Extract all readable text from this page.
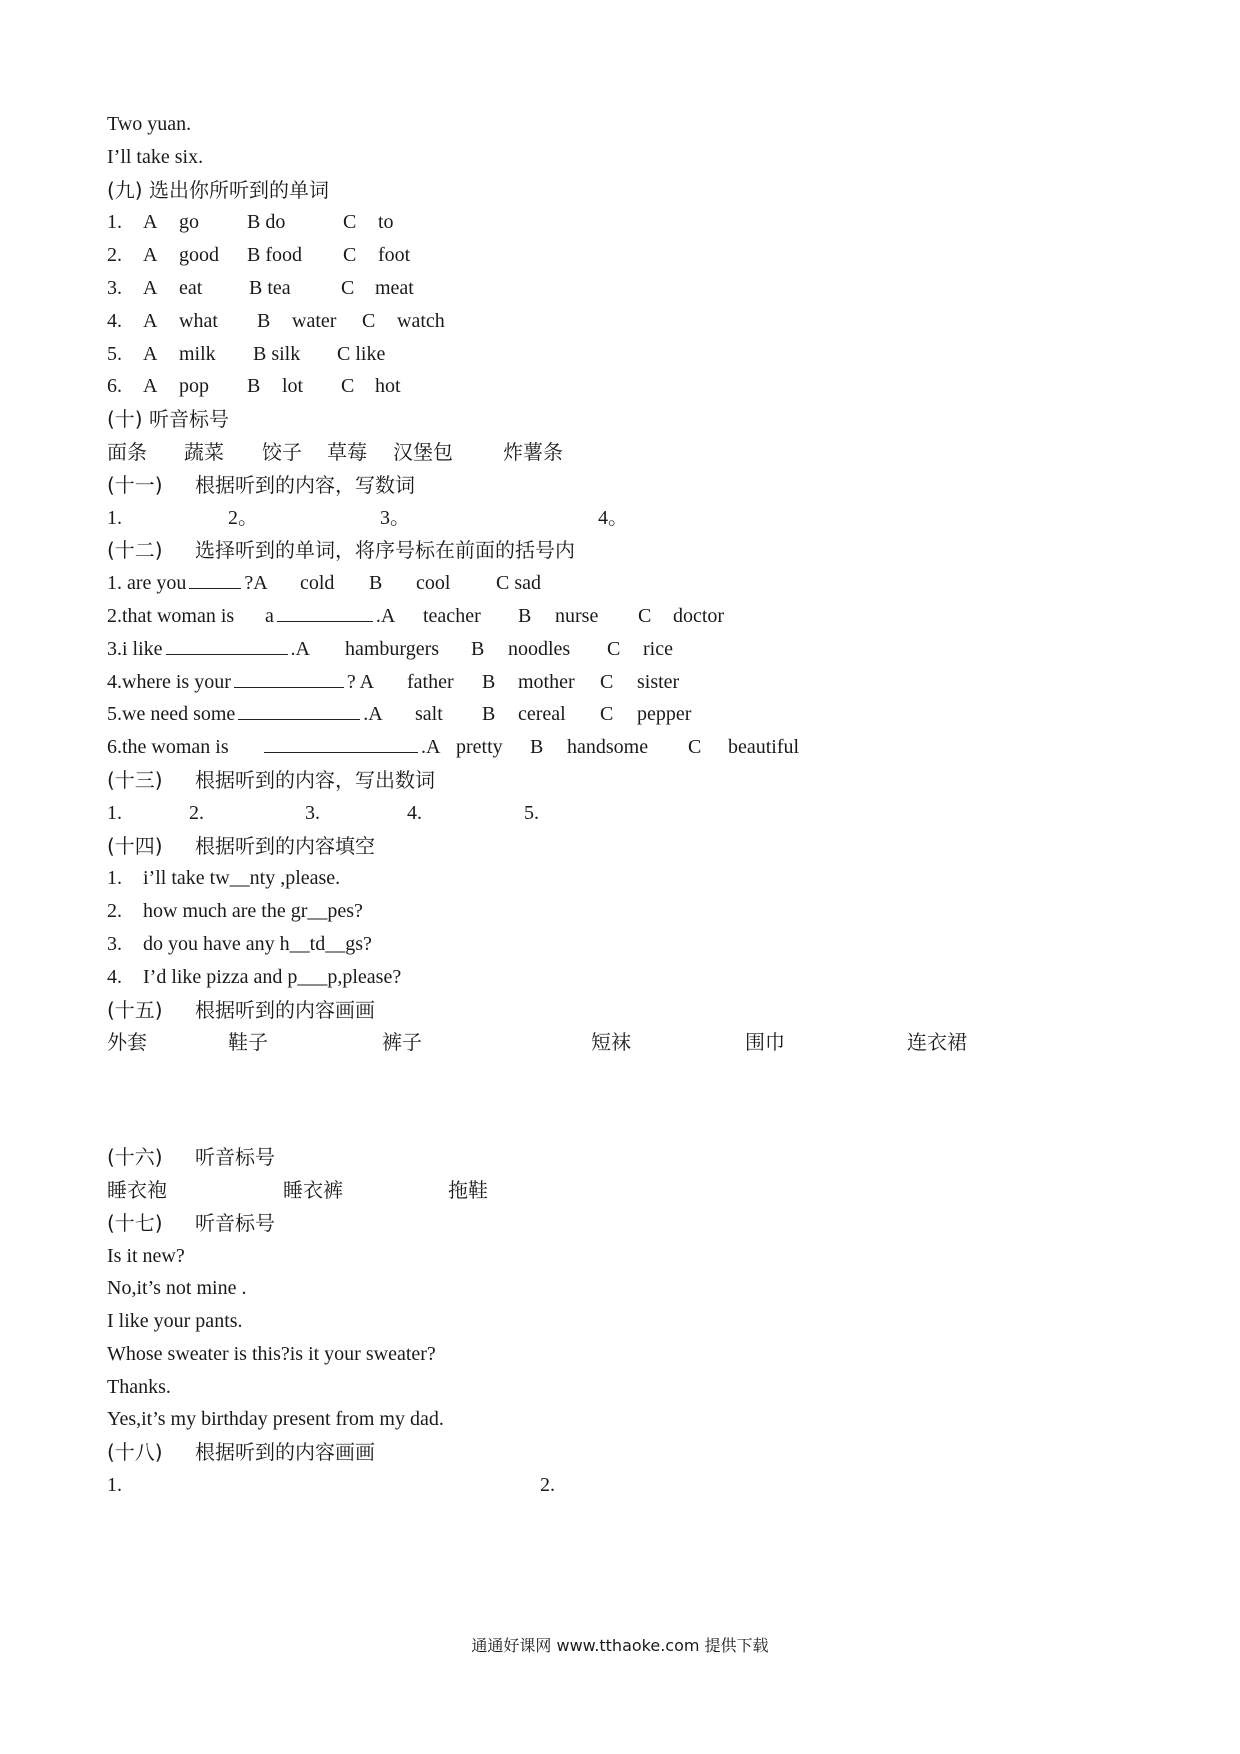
Two yuan.
I’ll take six.
(九) 选出你所听到的单词
1. A go B do	C to
2. A good B food C foot
3. A eat B tea	C meat
4. A what B water C watch
5. A milk B silk C like
6. A pop B lot C hot
(十) 听音标号
面条 蔬菜 饺子 草莓 汉堡包	炸薯条
(十一) 根据听到的内容，写数词
1.	2。	3。	4。
(十二) 选择听到的单词，将序号标在前面的括号内
1. are you	?A cold B cool C sad
2.that woman is a	.A teacher B nurse C doctor
3.i like	.A hamburgers B noodles C rice
4.where is your	? A father B mother C sister
5.we need some	.A salt B cereal C pepper
6.the woman is	.A pretty B handsome C beautiful
(十三) 根据听到的内容，写出数词
1.	2.	3.	4.	5.
(十四) 根据听到的内容填空
1. i’ll take tw__nty ,please.
2. how much are the gr__pes?
3. do you have any h__td__gs?
4. I’d like pizza and p___p,please?
(十五) 根据听到的内容画画
外套	鞋子	裤子	短袜	围巾	连衣裙
(十六) 听音标号
睡衣袍	睡衣裤	拖鞋
(十七) 听音标号
Is it new?
No,it’s not mine .
I like your pants.
Whose sweater is this?is it your sweater?
Thanks.
Yes,it’s my birthday present from my dad.
(十八) 根据听到的内容画画
1.	2.
通通好课网 www.tthaoke.com 提供下载
